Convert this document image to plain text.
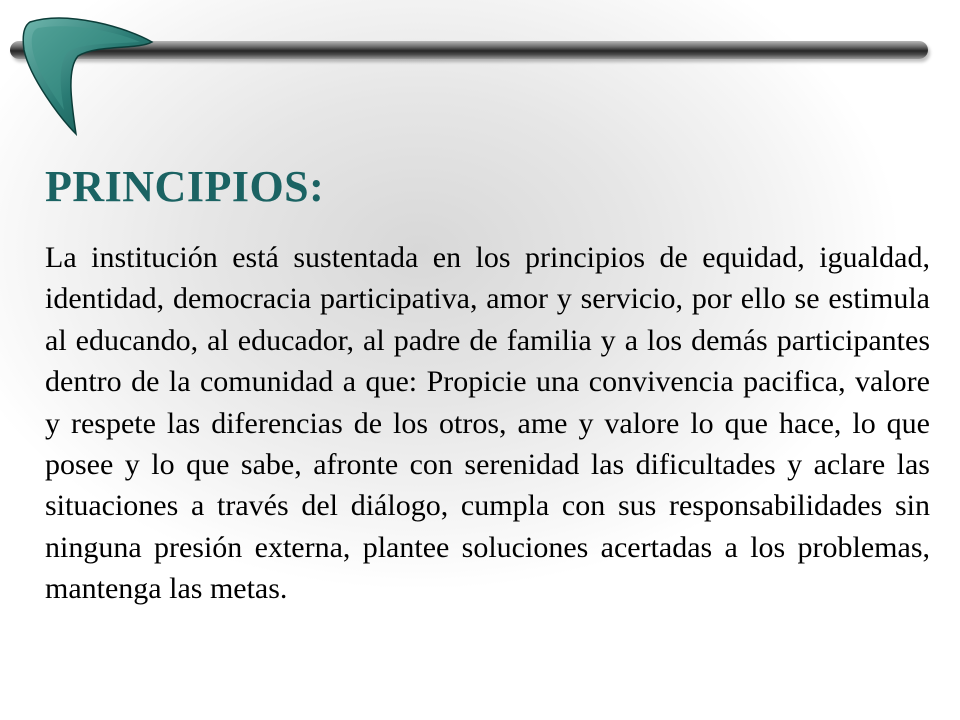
PRINCIPIOS:

La institución está sustentada en los principios de equidad, igualdad, identidad, democracia participativa, amor y servicio, por ello se estimula al educando, al educador, al padre de familia y a los demás participantes dentro de la comunidad a que: Propicie una convivencia pacifica, valore y respete las diferencias de los otros, ame y valore lo que hace, lo que posee y lo que sabe, afronte con serenidad las dificultades y aclare las situaciones a través del diálogo, cumpla con sus responsabilidades sin ninguna presión externa, plantee soluciones acertadas a los problemas, mantenga las metas.
